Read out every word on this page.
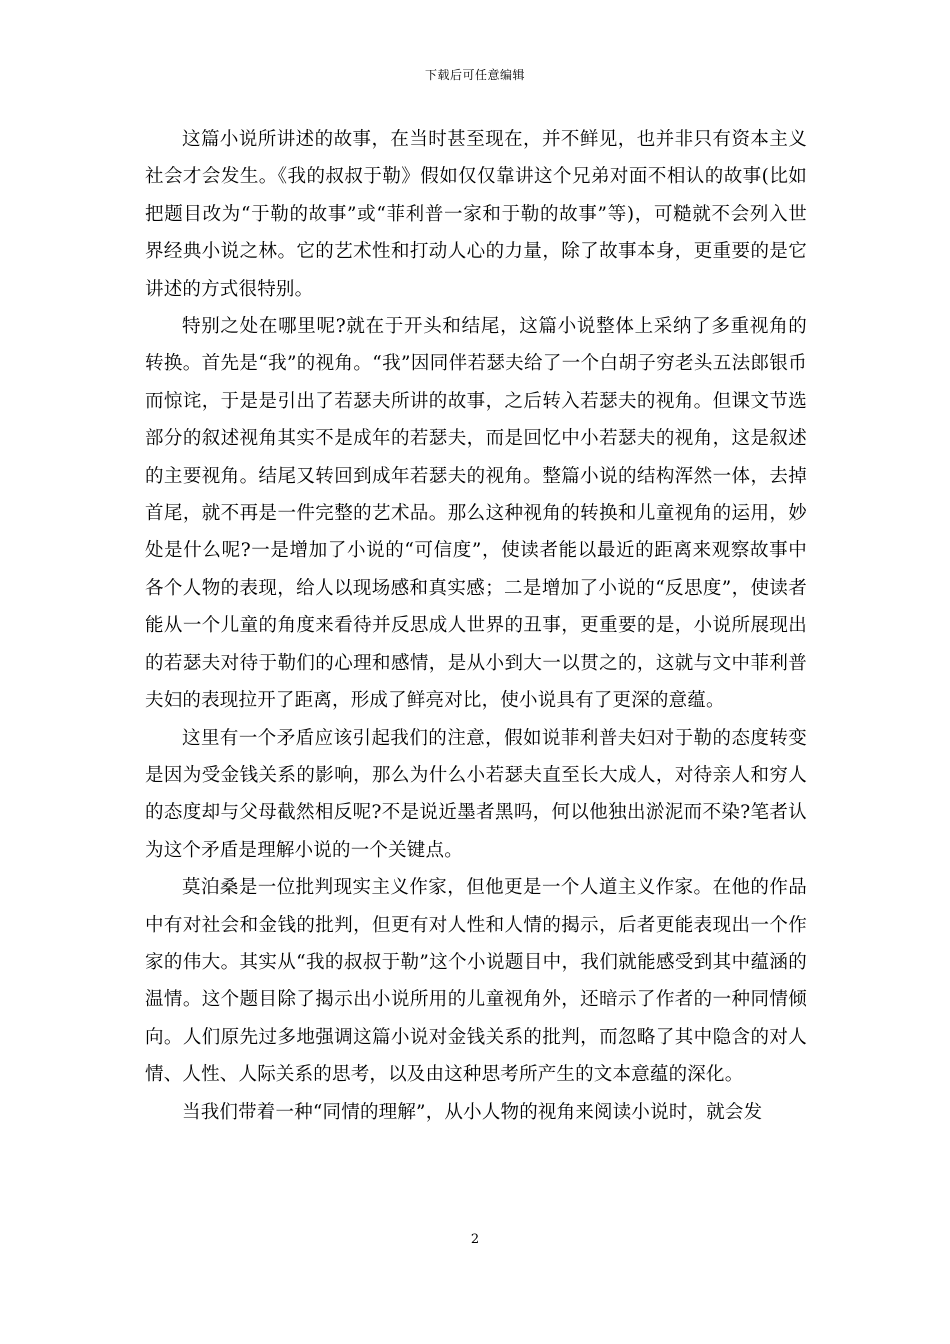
下载后可任意编辑

这篇小说所讲述的故事，在当时甚至现在，并不鲜见，也并非只有资本主义社会才会发生。《我的叔叔于勒》假如仅仅靠讲这个兄弟对面不相认的故事(比如把题目改为“于勒的故事”或“菲利普一家和于勒的故事”等)，可糙就不会列入世界经典小说之林。它的艺术性和打动人心的力量，除了故事本身，更重要的是它讲述的方式很特别。

特别之处在哪里呢?就在于开头和结尾，这篇小说整体上采纳了多重视角的转换。首先是“我”的视角。“我”因同伴若瑟夫给了一个白胡子穷老头五法郎银币而惊诧，于是是引出了若瑟夫所讲的故事，之后转入若瑟夫的视角。但课文节选部分的叙述视角其实不是成年的若瑟夫，而是回忆中小若瑟夫的视角，这是叙述的主要视角。结尾又转回到成年若瑟夫的视角。整篇小说的结构浑然一体，去掉首尾，就不再是一件完整的艺术品。那么这种视角的转换和儿童视角的运用，妙处是什么呢?一是增加了小说的“可信度”，使读者能以最近的距离来观察故事中各个人物的表现，给人以现场感和真实感；二是增加了小说的“反思度”，使读者能从一个儿童的角度来看待并反思成人世界的丑事，更重要的是，小说所展现出的若瑟夫对待于勒们的心理和感情，是从小到大一以贯之的，这就与文中菲利普夫妇的表现拉开了距离，形成了鲜亮对比，使小说具有了更深的意蕴。

这里有一个矛盾应该引起我们的注意，假如说菲利普夫妇对于勒的态度转变是因为受金钱关系的影响，那么为什么小若瑟夫直至长大成人，对待亲人和穷人的态度却与父母截然相反呢?不是说近墨者黑吗，何以他独出淤泥而不染?笔者认为这个矛盾是理解小说的一个关键点。

莫泊桑是一位批判现实主义作家，但他更是一个人道主义作家。在他的作品中有对社会和金钱的批判，但更有对人性和人情的揭示，后者更能表现出一个作家的伟大。其实从“我的叔叔于勒”这个小说题目中，我们就能感受到其中蕴涵的温情。这个题目除了揭示出小说所用的儿童视角外，还暗示了作者的一种同情倾向。人们原先过多地强调这篇小说对金钱关系的批判，而忽略了其中隐含的对人情、人性、人际关系的思考，以及由这种思考所产生的文本意蕴的深化。

当我们带着一种“同情的理解”，从小人物的视角来阅读小说时，就会发

2
